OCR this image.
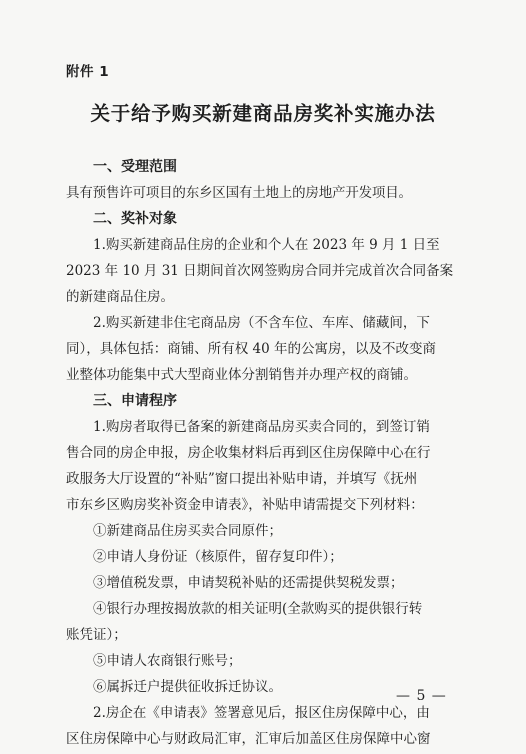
附件 1
关于给予购买新建商品房奖补实施办法
一、受理范围
具有预售许可项目的东乡区国有土地上的房地产开发项目。
二、奖补对象
1.购买新建商品住房的企业和个人在 2023 年 9 月 1 日至
2023 年 10 月 31 日期间首次网签购房合同并完成首次合同备案
的新建商品住房。
2.购买新建非住宅商品房（不含车位、车库、储藏间，下
同），具体包括：商铺、所有权 40 年的公寓房，以及不改变商
业整体功能集中式大型商业体分割销售并办理产权的商铺。
三、申请程序
1.购房者取得已备案的新建商品房买卖合同的，到签订销
售合同的房企申报，房企收集材料后再到区住房保障中心在行
政服务大厅设置的“补贴”窗口提出补贴申请，并填写《抚州
市东乡区购房奖补资金申请表》，补贴申请需提交下列材料：
①新建商品住房买卖合同原件；
②申请人身份证（核原件，留存复印件）；
③增值税发票，申请契税补贴的还需提供契税发票；
④银行办理按揭放款的相关证明(全款购买的提供银行转
账凭证）；
⑤申请人农商银行账号；
⑥属拆迁户提供征收拆迁协议。
2.房企在《申请表》签署意见后，报区住房保障中心，由
区住房保障中心与财政局汇审，汇审后加盖区住房保障中心窗
— 5 —
